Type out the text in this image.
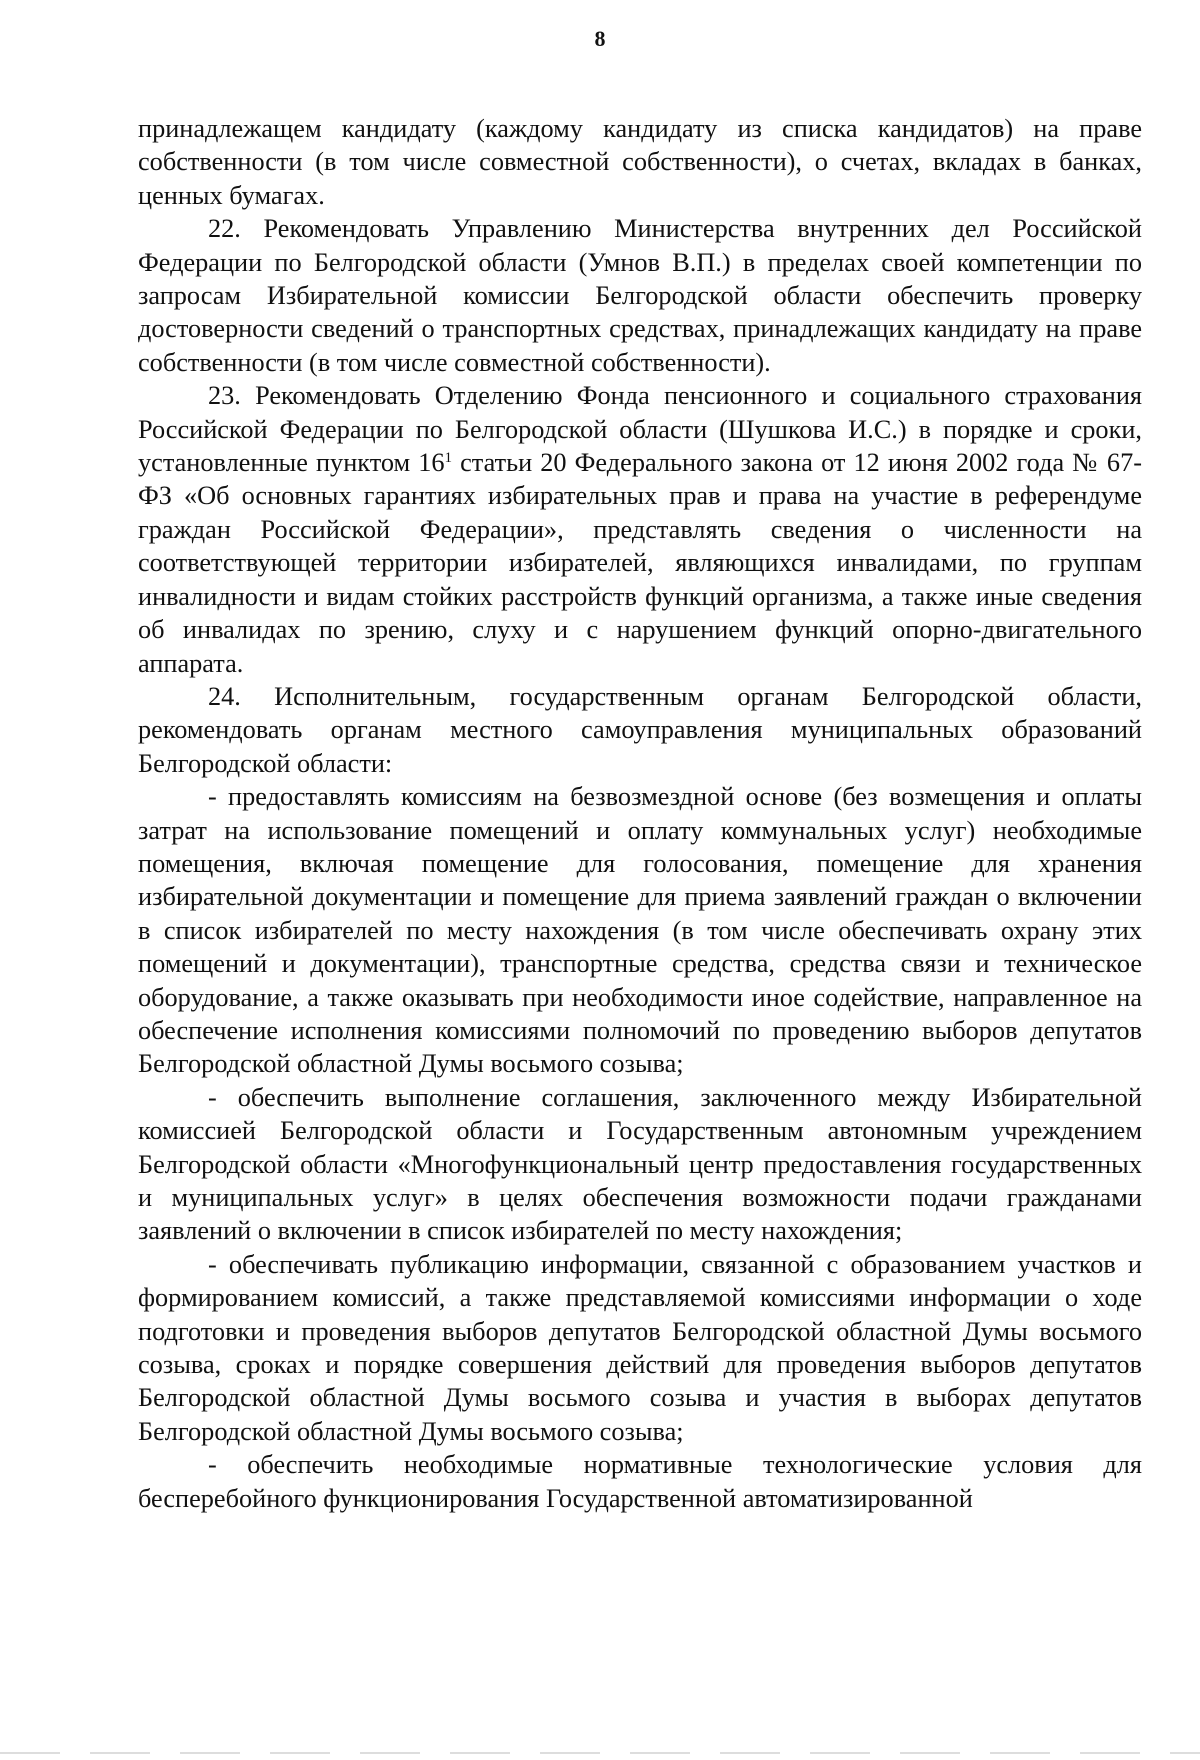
8

принадлежащем кандидату (каждому кандидату из списка кандидатов) на праве собственности (в том числе совместной собственности), о счетах, вкладах в банках, ценных бумагах.

22. Рекомендовать Управлению Министерства внутренних дел Российской Федерации по Белгородской области (Умнов В.П.) в пределах своей компетенции по запросам Избирательной комиссии Белгородской области обеспечить проверку достоверности сведений о транспортных средствах, принадлежащих кандидату на праве собственности (в том числе совместной собственности).

23. Рекомендовать Отделению Фонда пенсионного и социального страхования Российской Федерации по Белгородской области (Шушкова И.С.) в порядке и сроки, установленные пунктом $16^1$ статьи 20 Федерального закона от 12 июня 2002 года № 67-ФЗ «Об основных гарантиях избирательных прав и права на участие в референдуме граждан Российской Федерации», представлять сведения о численности на соответствующей территории избирателей, являющихся инвалидами, по группам инвалидности и видам стойких расстройств функций организма, а также иные сведения об инвалидах по зрению, слуху и с нарушением функций опорно-двигательного аппарата.

24. Исполнительным, государственным органам Белгородской области, рекомендовать органам местного самоуправления муниципальных образований Белгородской области:

- предоставлять комиссиям на безвозмездной основе (без возмещения и оплаты затрат на использование помещений и оплату коммунальных услуг) необходимые помещения, включая помещение для голосования, помещение для хранения избирательной документации и помещение для приема заявлений граждан о включении в список избирателей по месту нахождения (в том числе обеспечивать охрану этих помещений и документации), транспортные средства, средства связи и техническое оборудование, а также оказывать при необходимости иное содействие, направленное на обеспечение исполнения комиссиями полномочий по проведению выборов депутатов Белгородской областной Думы восьмого созыва;

- обеспечить выполнение соглашения, заключенного между Избирательной комиссией Белгородской области и Государственным автономным учреждением Белгородской области «Многофункциональный центр предоставления государственных и муниципальных услуг» в целях обеспечения возможности подачи гражданами заявлений о включении в список избирателей по месту нахождения;

- обеспечивать публикацию информации, связанной с образованием участков и формированием комиссий, а также представляемой комиссиями информации о ходе подготовки и проведения выборов депутатов Белгородской областной Думы восьмого созыва, сроках и порядке совершения действий для проведения выборов депутатов Белгородской областной Думы восьмого созыва и участия в выборах депутатов Белгородской областной Думы восьмого созыва;

- обеспечить необходимые нормативные технологические условия для бесперебойного функционирования Государственной автоматизированной
